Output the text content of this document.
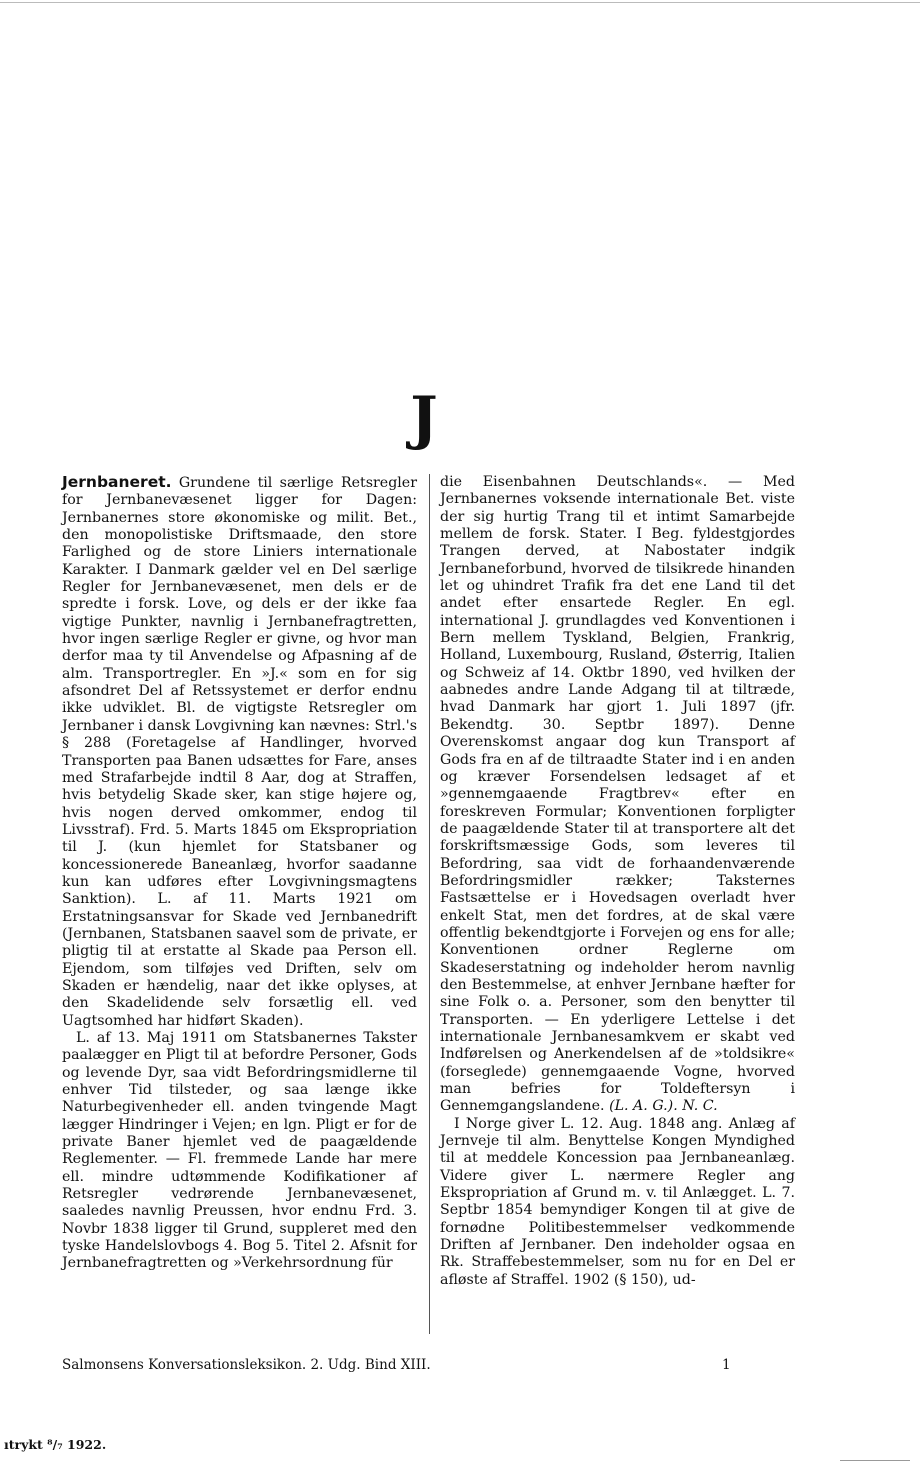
J

Jernbaneret. Grundene til særlige Retsregler for Jernbanevæsenet ligger for Dagen: Jernbanernes store økonomiske og milit. Bet., den monopolistiske Driftsmaade, den store Farlighed og de store Liniers internationale Karakter. I Danmark gælder vel en Del særlige Regler for Jernbanevæsenet, men dels er de spredte i forsk. Love, og dels er der ikke faa vigtige Punkter, navnlig i Jernbanefragtretten, hvor ingen særlige Regler er givne, og hvor man derfor maa ty til Anvendelse og Afpasning af de alm. Transportregler. En »J.« som en for sig afsondret Del af Retssystemet er derfor endnu ikke udviklet. Bl. de vigtigste Retsregler om Jernbaner i dansk Lovgivning kan nævnes: Strl.'s § 288 (Foretagelse af Handlinger, hvorved Transporten paa Banen udsættes for Fare, anses med Strafarbejde indtil 8 Aar, dog at Straffen, hvis betydelig Skade sker, kan stige højere og, hvis nogen derved omkommer, endog til Livsstraf). Frd. 5. Marts 1845 om Ekspropriation til J. (kun hjemlet for Statsbaner og koncessionerede Baneanlæg, hvorfor saadanne kun kan udføres efter Lovgivningsmagtens Sanktion). L. af 11. Marts 1921 om Erstatningsansvar for Skade ved Jernbanedrift (Jernbanen, Statsbanen saavel som de private, er pligtig til at erstatte al Skade paa Person ell. Ejendom, som tilføjes ved Driften, selv om Skaden er hændelig, naar det ikke oplyses, at den Skadelidende selv forsætlig ell. ved Uagtsomhed har hidført Skaden).

L. af 13. Maj 1911 om Statsbanernes Takster paalægger en Pligt til at befordre Personer, Gods og levende Dyr, saa vidt Befordringsmidlerne til enhver Tid tilsteder, og saa længe ikke Naturbegivenheder ell. anden tvingende Magt lægger Hindringer i Vejen; en lgn. Pligt er for de private Baner hjemlet ved de paagældende Reglementer. — Fl. fremmede Lande har mere ell. mindre udtømmende Kodifikationer af Retsregler vedrørende Jernbanevæsenet, saaledes navnlig Preussen, hvor endnu Frd. 3. Novbr 1838 ligger til Grund, suppleret med den tyske Handelslovbogs 4. Bog 5. Titel 2. Afsnit for Jernbanefragtretten og »Verkehrsordnung für

die Eisenbahnen Deutschlands«. — Med Jernbanernes voksende internationale Bet. viste der sig hurtig Trang til et intimt Samarbejde mellem de forsk. Stater. I Beg. fyldestgjordes Trangen derved, at Nabostater indgik Jernbaneforbund, hvorved de tilsikrede hinanden let og uhindret Trafik fra det ene Land til det andet efter ensartede Regler. En egl. international J. grundlagdes ved Konventionen i Bern mellem Tyskland, Belgien, Frankrig, Holland, Luxembourg, Rusland, Østerrig, Italien og Schweiz af 14. Oktbr 1890, ved hvilken der aabnedes andre Lande Adgang til at tiltræde, hvad Danmark har gjort 1. Juli 1897 (jfr. Bekendtg. 30. Septbr 1897). Denne Overenskomst angaar dog kun Transport af Gods fra en af de tiltraadte Stater ind i en anden og kræver Forsendelsen ledsaget af et »gennemgaaende Fragtbrev« efter en foreskreven Formular; Konventionen forpligter de paagældende Stater til at transportere alt det forskriftsmæssige Gods, som leveres til Befordring, saa vidt de forhaandenværende Befordringsmidler rækker; Taksternes Fastsættelse er i Hovedsagen overladt hver enkelt Stat, men det fordres, at de skal være offentlig bekendtgjorte i Forvejen og ens for alle; Konventionen ordner Reglerne om Skadeserstatning og indeholder herom navnlig den Bestemmelse, at enhver Jernbane hæfter for sine Folk o. a. Personer, som den benytter til Transporten. — En yderligere Lettelse i det internationale Jernbanesamkvem er skabt ved Indførelsen og Anerkendelsen af de »toldsikre« (forseglede) gennemgaaende Vogne, hvorved man befries for Toldeftersyn i Gennemgangslandene. (L. A. G.). N. C.

I Norge giver L. 12. Aug. 1848 ang. Anlæg af Jernveje til alm. Benyttelse Kongen Myndighed til at meddele Koncession paa Jernbaneanlæg. Videre giver L. nærmere Regler ang Ekspropriation af Grund m. v. til Anlægget. L. 7. Septbr 1854 bemyndiger Kongen til at give de fornødne Politibestemmelser vedkommende Driften af Jernbaner. Den indeholder ogsaa en Rk. Straffebestemmelser, som nu for en Del er afløste af Straffel. 1902 (§ 150), ud-

Salmonsens Konversationsleksikon. 2. Udg. Bind XIII.	1
ıtrykt ⁸/₇ 1922.
